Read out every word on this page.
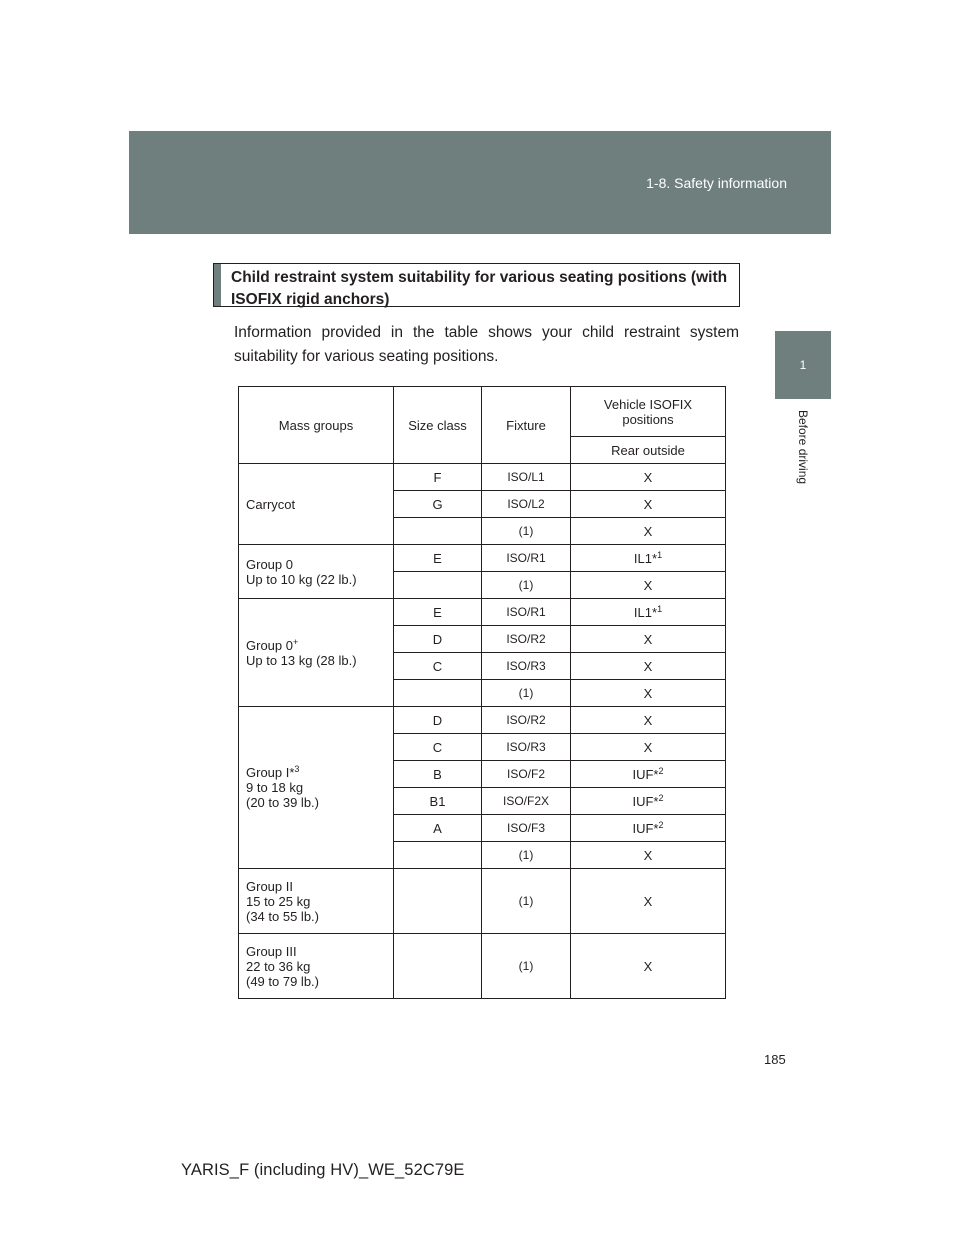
1-8. Safety information
1
Before driving
Child restraint system suitability for various seating positions (with ISOFIX rigid anchors)
Information provided in the table shows your child restraint system suitability for various seating positions.
Mass groups	Size class	Fixture	Vehicle ISOFIX positions
			Rear outside
Carrycot	F	ISO/L1	X
	G	ISO/L2	X
		(1)	X
Group 0
Up to 10 kg (22 lb.)	E	ISO/R1	IL1*$^1$
		(1)	X
Group 0+
Up to 13 kg (28 lb.)	E	ISO/R1	IL1*$^1$
	D	ISO/R2	X
	C	ISO/R3	X
		(1)	X
Group I*$^3$
9 to 18 kg
(20 to 39 lb.)	D	ISO/R2	X
	C	ISO/R3	X
	B	ISO/F2	IUF*$^2$
	B1	ISO/F2X	IUF*$^2$
	A	ISO/F3	IUF*$^2$
		(1)	X
Group II
15 to 25 kg
(34 to 55 lb.)		(1)	X
Group III
22 to 36 kg
(49 to 79 lb.)		(1)	X
185
YARIS_F (including HV)_WE_52C79E
